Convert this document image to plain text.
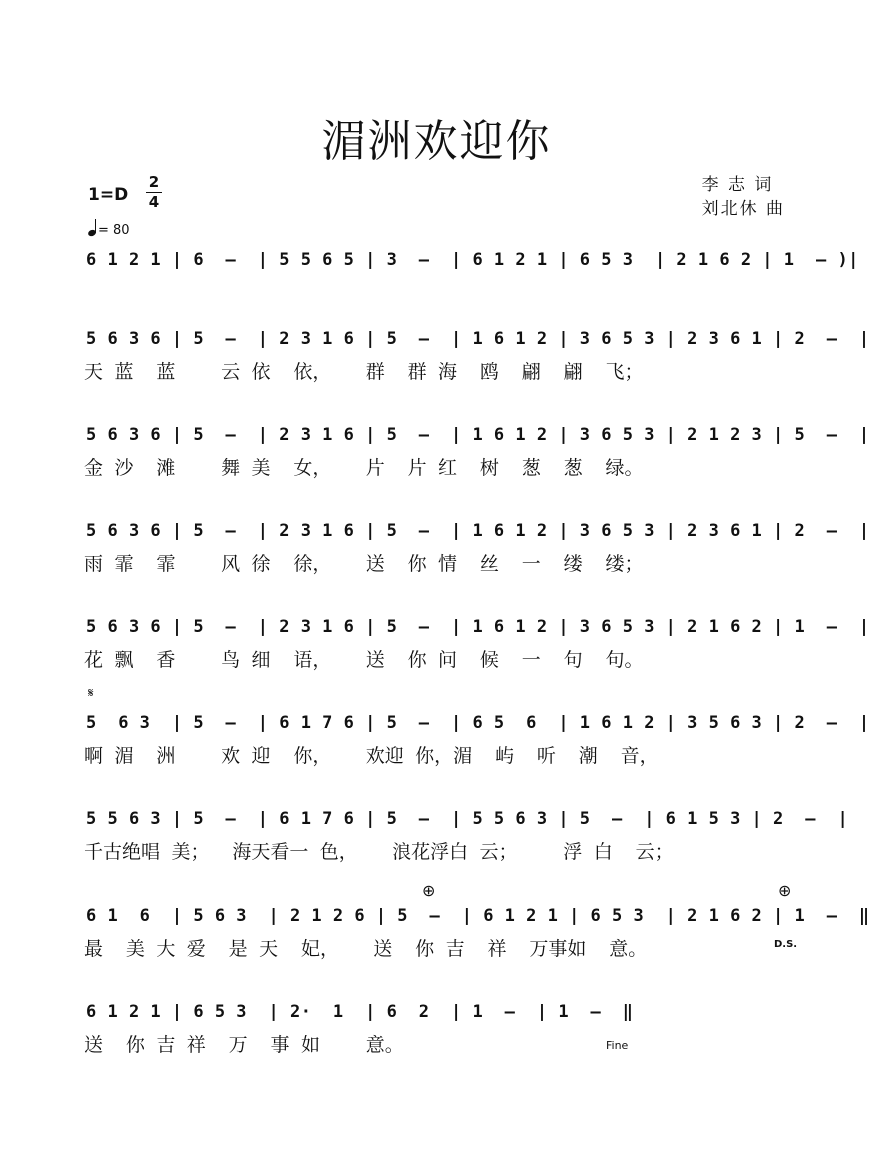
湄洲欢迎你
1=D
2
4
= 80
李 志 词
刘北休 曲
6 1 2 1 | 6  –  | 5 5 6 5 | 3  –  | 6 1 2 1 | 6 5 3  | 2 1 6 2 | 1  – )|
5 6 3 6 | 5  –  | 2 3 1 6 | 5  –  | 1 6 1 2 | 3 6 5 3 | 2 3 6 1 | 2  –  |
天 蓝  蓝    云 依  依，   群  群 海  鸥  翩  翩  飞；
5 6 3 6 | 5  –  | 2 3 1 6 | 5  –  | 1 6 1 2 | 3 6 5 3 | 2 1 2 3 | 5  –  |
金 沙  滩    舞 美  女，   片  片 红  树  葱  葱  绿。
5 6 3 6 | 5  –  | 2 3 1 6 | 5  –  | 1 6 1 2 | 3 6 5 3 | 2 3 6 1 | 2  –  |
雨 霏  霏    风 徐  徐，   送  你 情  丝  一  缕  缕；
5 6 3 6 | 5  –  | 2 3 1 6 | 5  –  | 1 6 1 2 | 3 6 5 3 | 2 1 6 2 | 1  –  |
花 飘  香    鸟 细  语，   送  你 问  候  一  句  句。
𝄋
5  6 3  | 5  –  | 6 1 7 6 | 5  –  | 6 5  6  | 1 6 1 2 | 3 5 6 3 | 2  –  |
啊 湄  洲    欢 迎  你，   欢迎 你，湄  屿  听  潮  音，
5 5 6 3 | 5  –  | 6 1 7 6 | 5  –  | 5 5 6 3 | 5  –  | 6 1 5 3 | 2  –  |
千古绝唱 美；  海天看一 色，   浪花浮白 云；    浮 白  云；
⊕	⊕
6 1  6  | 5 6 3  | 2 1 2 6 | 5  –  | 6 1 2 1 | 6 5 3  | 2 1 6 2 | 1  –  ‖
最  美 大 爱  是 天  妃，   送  你 吉  祥  万事如  意。	D.S.
6 1 2 1 | 6 5 3  | 2·  1  | 6  2  | 1  –  | 1  –  ‖
送  你 吉 祥  万  事 如    意。	Fine
